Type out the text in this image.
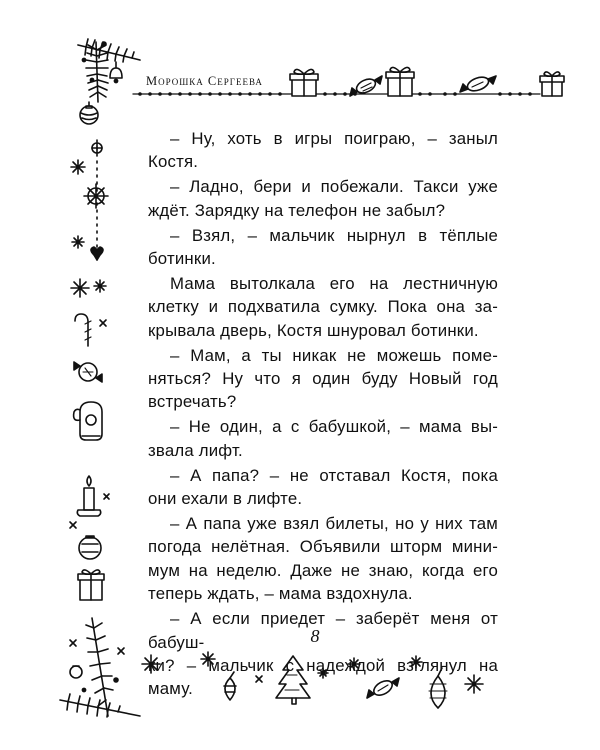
Морошка Сергеева

– Ну, хоть в игры поиграю, – заныл Костя.

– Ладно, бери и побежали. Такси уже
ждёт. Зарядку на телефон не забыл?

– Взял, – мальчик нырнул в тёплые
ботинки.

Мама вытолкала его на лестничную
клетку и подхватила сумку. Пока она за-
крывала дверь, Костя шнуровал ботинки.

– Мам, а ты никак не можешь поме-
няться? Ну что я один буду Новый год
встречать?

– Не один, а с бабушкой, – мама вы-
звала лифт.

– А папа? – не отставал Костя, пока
они ехали в лифте.

– А папа уже взял билеты, но у них там
погода нелётная. Объявили шторм мини-
мум на неделю. Даже не знаю, когда его
теперь ждать, – мама вздохнула.

– А если приедет – заберёт меня от бабуш-
ки? – мальчик с надеждой взглянул на маму.

8
